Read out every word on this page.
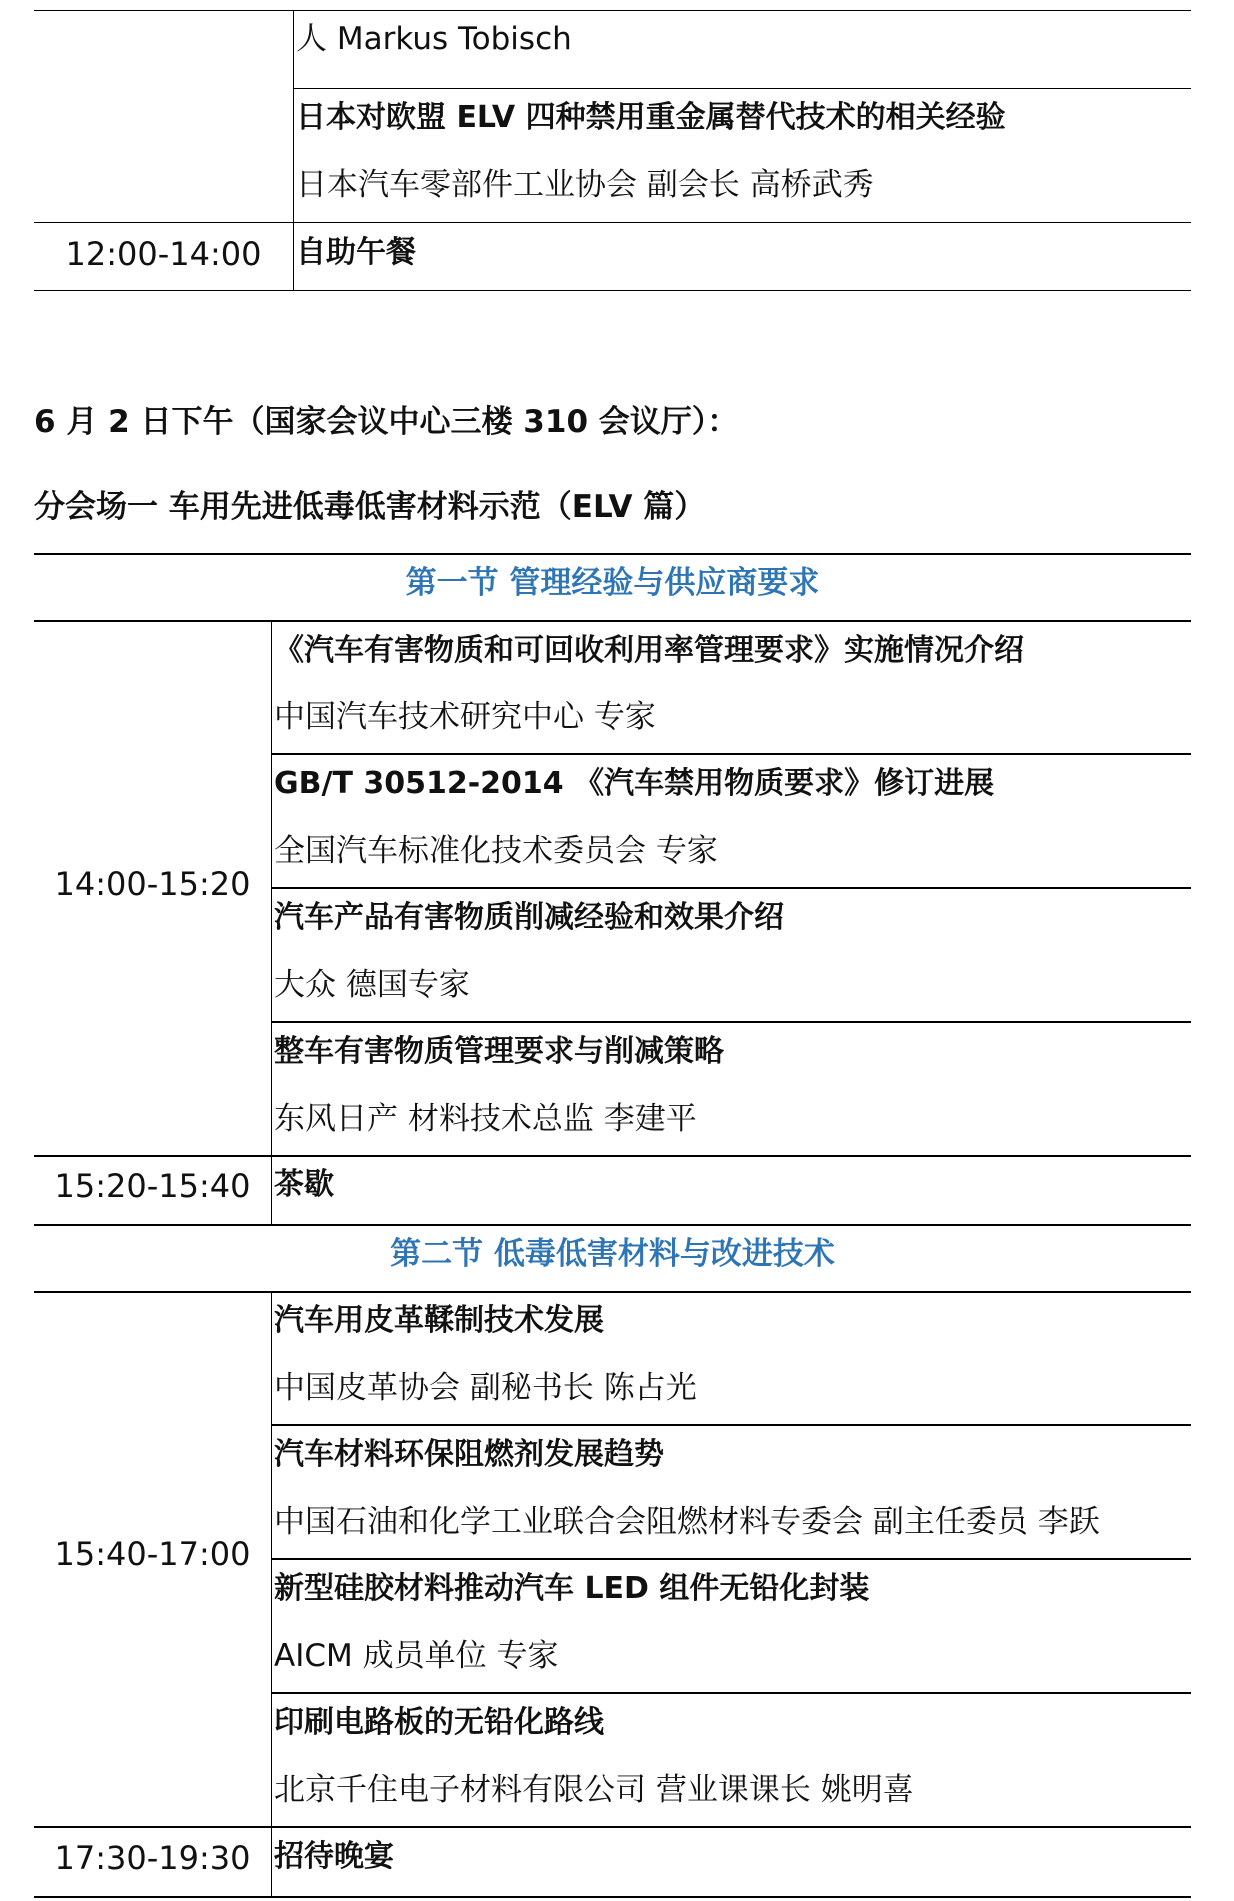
人 Markus Tobisch
日本对欧盟 ELV 四种禁用重金属替代技术的相关经验
日本汽车零部件工业协会 副会长 高桥武秀
12:00-14:00	自助午餐
6 月 2 日下午（国家会议中心三楼 310 会议厅）：
分会场一 车用先进低毒低害材料示范（ELV 篇）
第一节 管理经验与供应商要求
14:00-15:20
《汽车有害物质和可回收利用率管理要求》实施情况介绍
中国汽车技术研究中心 专家
GB/T 30512-2014 《汽车禁用物质要求》修订进展
全国汽车标准化技术委员会 专家
汽车产品有害物质削减经验和效果介绍
大众 德国专家
整车有害物质管理要求与削减策略
东风日产 材料技术总监 李建平
15:20-15:40 茶歇
第二节 低毒低害材料与改进技术
15:40-17:00
汽车用皮革鞣制技术发展
中国皮革协会 副秘书长 陈占光
汽车材料环保阻燃剂发展趋势
中国石油和化学工业联合会阻燃材料专委会 副主任委员 李跃
新型硅胶材料推动汽车 LED 组件无铅化封装
AICM 成员单位 专家
印刷电路板的无铅化路线
北京千住电子材料有限公司 营业课课长 姚明喜
17:30-19:30 招待晚宴
